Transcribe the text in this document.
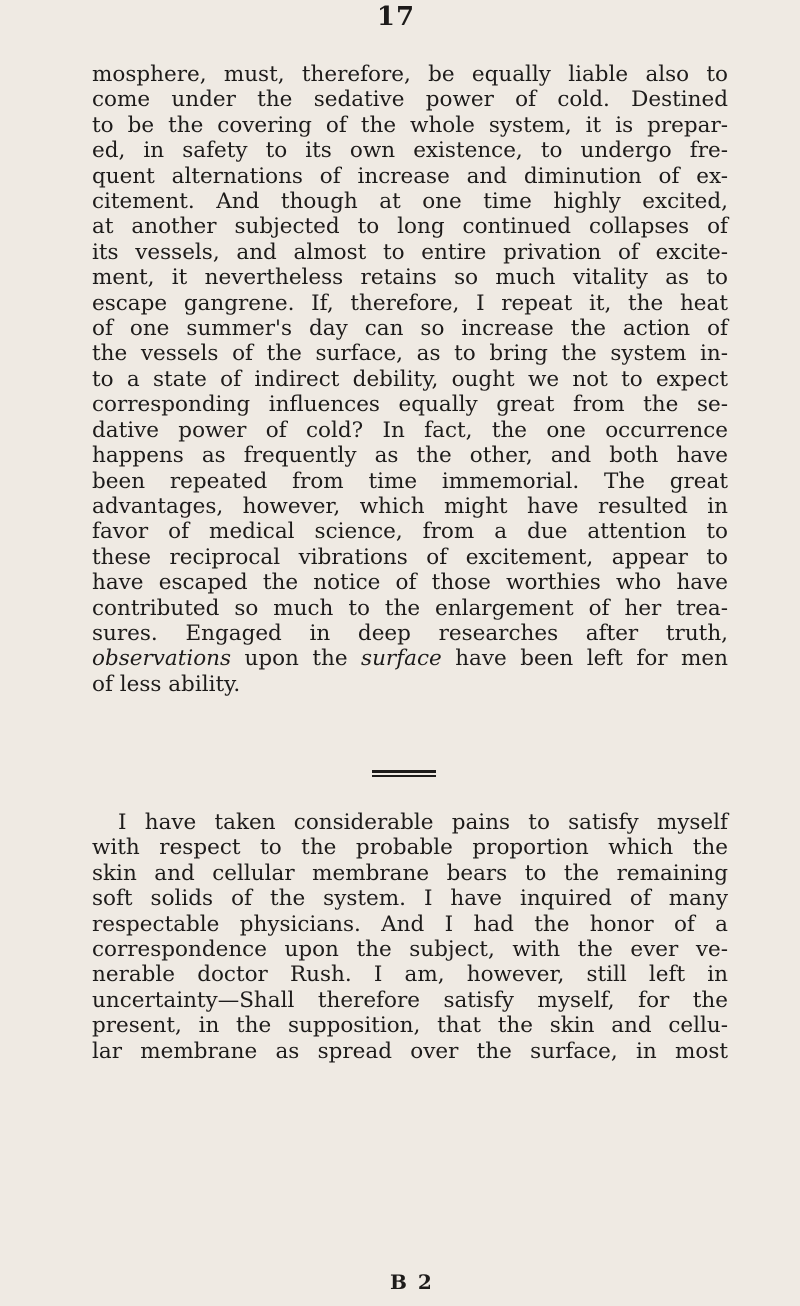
17

mosphere, must, therefore, be equally liable also to
come under the sedative power of cold. Destined
to be the covering of the whole system, it is prepar-
ed, in safety to its own existence, to undergo fre-
quent alternations of increase and diminution of ex-
citement. And though at one time highly excited,
at another subjected to long continued collapses of
its vessels, and almost to entire privation of excite-
ment, it nevertheless retains so much vitality as to
escape gangrene. If, therefore, I repeat it, the heat
of one summer's day can so increase the action of
the vessels of the surface, as to bring the system in-
to a state of indirect debility, ought we not to expect
corresponding influences equally great from the se-
dative power of cold? In fact, the one occurrence
happens as frequently as the other, and both have
been repeated from time immemorial. The great
advantages, however, which might have resulted in
favor of medical science, from a due attention to
these reciprocal vibrations of excitement, appear to
have escaped the notice of those worthies who have
contributed so much to the enlargement of her trea-
sures. Engaged in deep researches after truth,
observations upon the surface have been left for men
of less ability.

I have taken considerable pains to satisfy myself
with respect to the probable proportion which the
skin and cellular membrane bears to the remaining
soft solids of the system. I have inquired of many
respectable physicians. And I had the honor of a
correspondence upon the subject, with the ever ve-
nerable doctor Rush. I am, however, still left in
uncertainty—Shall therefore satisfy myself, for the
present, in the supposition, that the skin and cellu-
lar membrane as spread over the surface, in most

B 2
